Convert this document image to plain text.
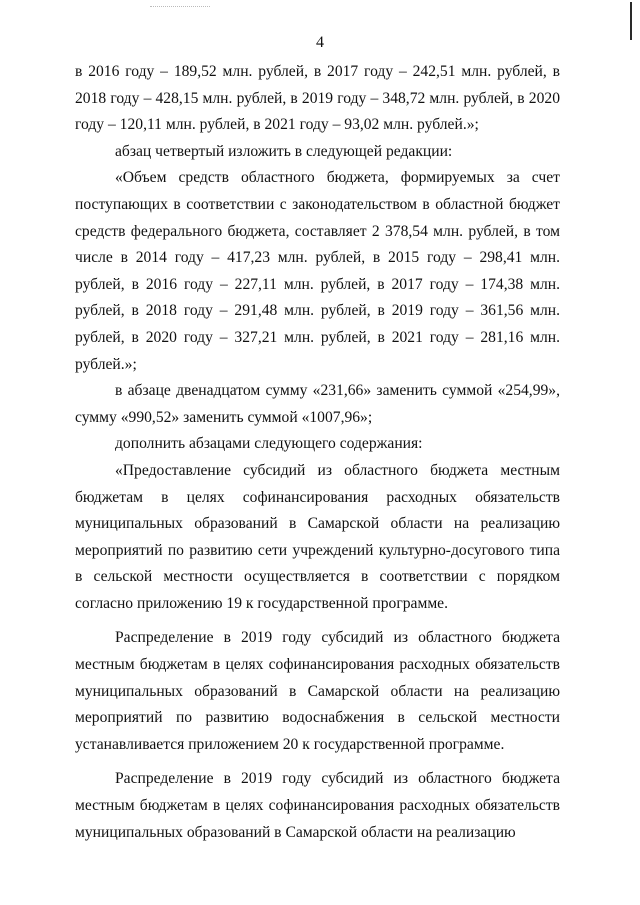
4

в 2016 году – 189,52 млн. рублей, в 2017 году – 242,51 млн. рублей, в 2018 году – 428,15 млн. рублей, в 2019 году – 348,72 млн. рублей, в 2020 году – 120,11 млн. рублей, в 2021 году – 93,02 млн. рублей.»;

абзац четвертый изложить в следующей редакции:

«Объем средств областного бюджета, формируемых за счет поступающих в соответствии с законодательством в областной бюджет средств федерального бюджета, составляет 2 378,54 млн. рублей, в том числе в 2014 году – 417,23 млн. рублей, в 2015 году – 298,41 млн. рублей, в 2016 году – 227,11 млн. рублей, в 2017 году – 174,38 млн. рублей, в 2018 году – 291,48 млн. рублей, в 2019 году – 361,56 млн. рублей, в 2020 году – 327,21 млн. рублей, в 2021 году – 281,16 млн. рублей.»;

в абзаце двенадцатом сумму «231,66» заменить суммой «254,99», сумму «990,52» заменить суммой «1007,96»;

дополнить абзацами следующего содержания:

«Предоставление субсидий из областного бюджета местным бюджетам в целях софинансирования расходных обязательств муниципальных образований в Самарской области на реализацию мероприятий по развитию сети учреждений культурно-досугового типа в сельской местности осуществляется в соответствии с порядком согласно приложению 19 к государственной программе.

Распределение в 2019 году субсидий из областного бюджета местным бюджетам в целях софинансирования расходных обязательств муниципальных образований в Самарской области на реализацию мероприятий по развитию водоснабжения в сельской местности устанавливается приложением 20 к государственной программе.

Распределение в 2019 году субсидий из областного бюджета местным бюджетам в целях софинансирования расходных обязательств муниципальных образований в Самарской области на реализацию
